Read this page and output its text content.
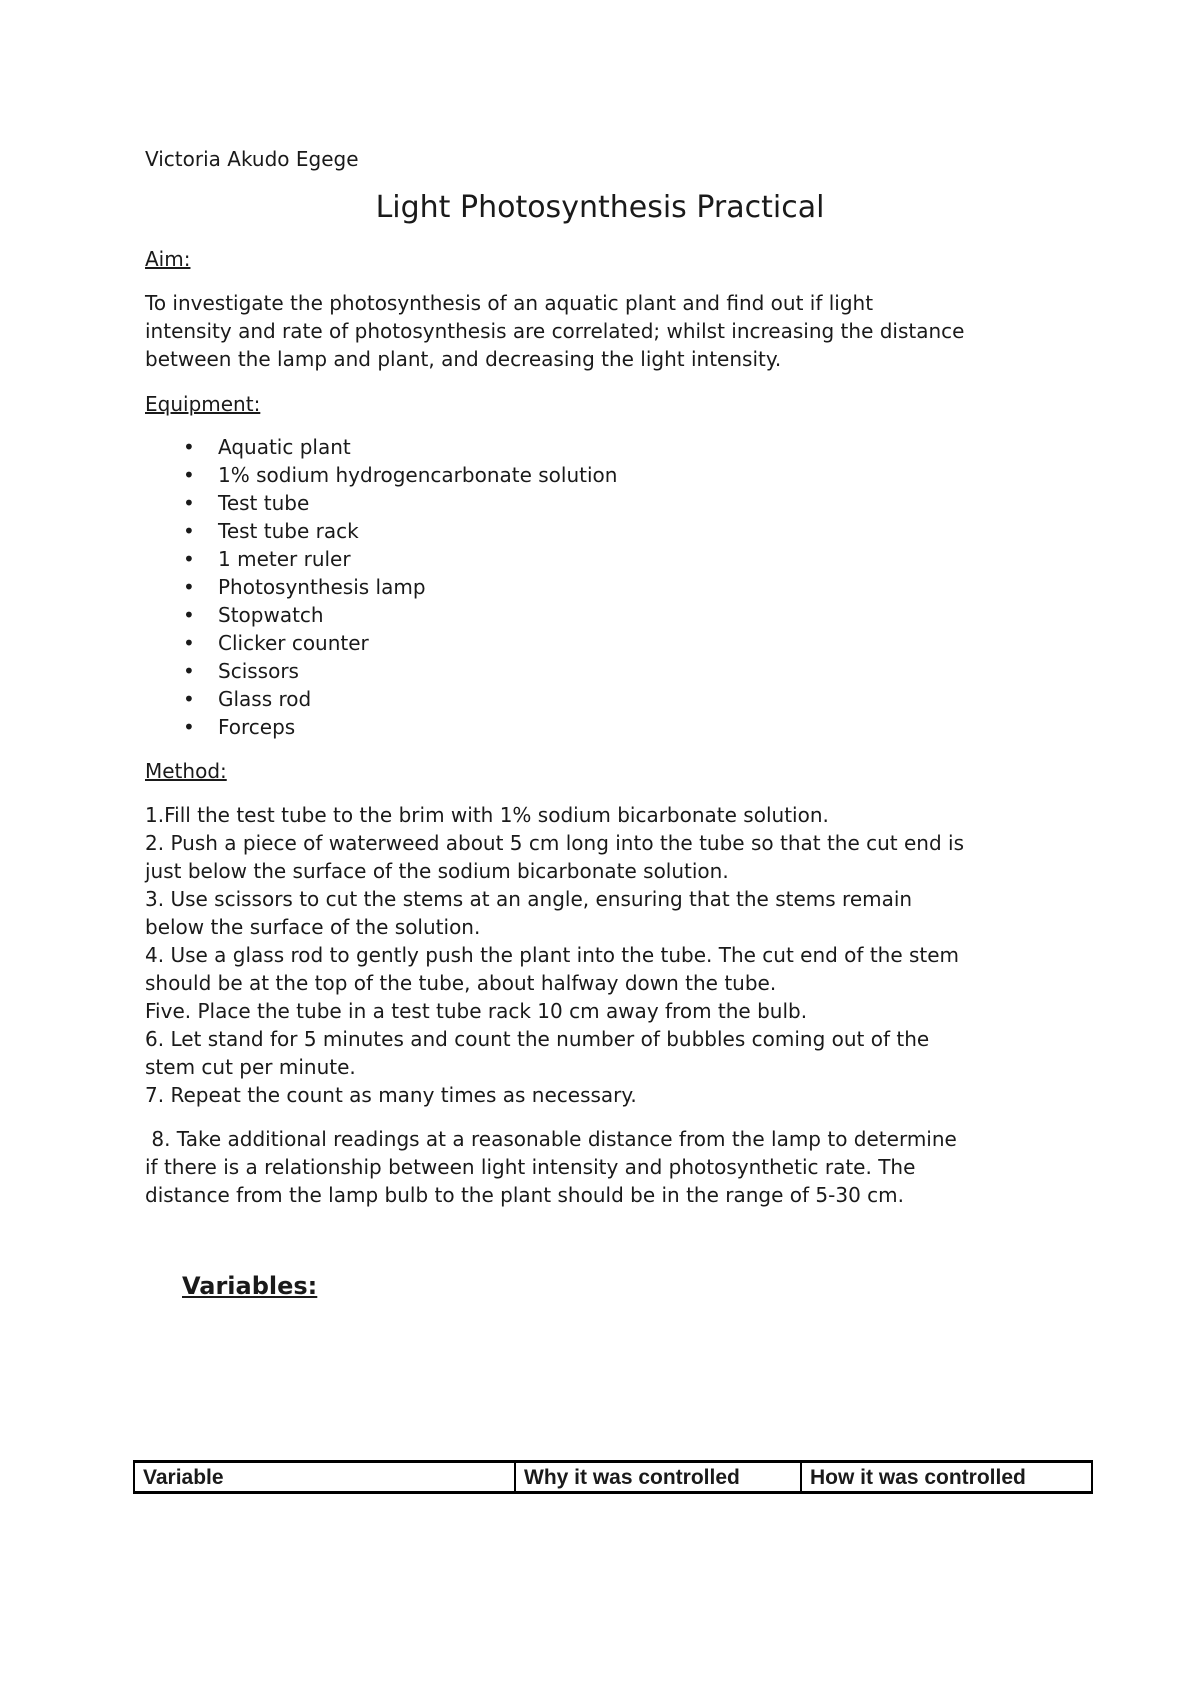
Victoria Akudo Egege
Light Photosynthesis Practical
Aim:
To investigate the photosynthesis of an aquatic plant and find out if light
intensity and rate of photosynthesis are correlated; whilst increasing the distance
between the lamp and plant, and decreasing the light intensity.
Equipment:
• Aquatic plant
• 1% sodium hydrogencarbonate solution
• Test tube
• Test tube rack
• 1 meter ruler
• Photosynthesis lamp
• Stopwatch
• Clicker counter
• Scissors
• Glass rod
• Forceps
Method:
1.Fill the test tube to the brim with 1% sodium bicarbonate solution.
2. Push a piece of waterweed about 5 cm long into the tube so that the cut end is
just below the surface of the sodium bicarbonate solution.
3. Use scissors to cut the stems at an angle, ensuring that the stems remain
below the surface of the solution.
4. Use a glass rod to gently push the plant into the tube. The cut end of the stem
should be at the top of the tube, about halfway down the tube.
Five. Place the tube in a test tube rack 10 cm away from the bulb.
6. Let stand for 5 minutes and count the number of bubbles coming out of the
stem cut per minute.
7. Repeat the count as many times as necessary.
8. Take additional readings at a reasonable distance from the lamp to determine
if there is a relationship between light intensity and photosynthetic rate. The
distance from the lamp bulb to the plant should be in the range of 5-30 cm.
Variables:
Variable	Why it was controlled	How it was controlled
